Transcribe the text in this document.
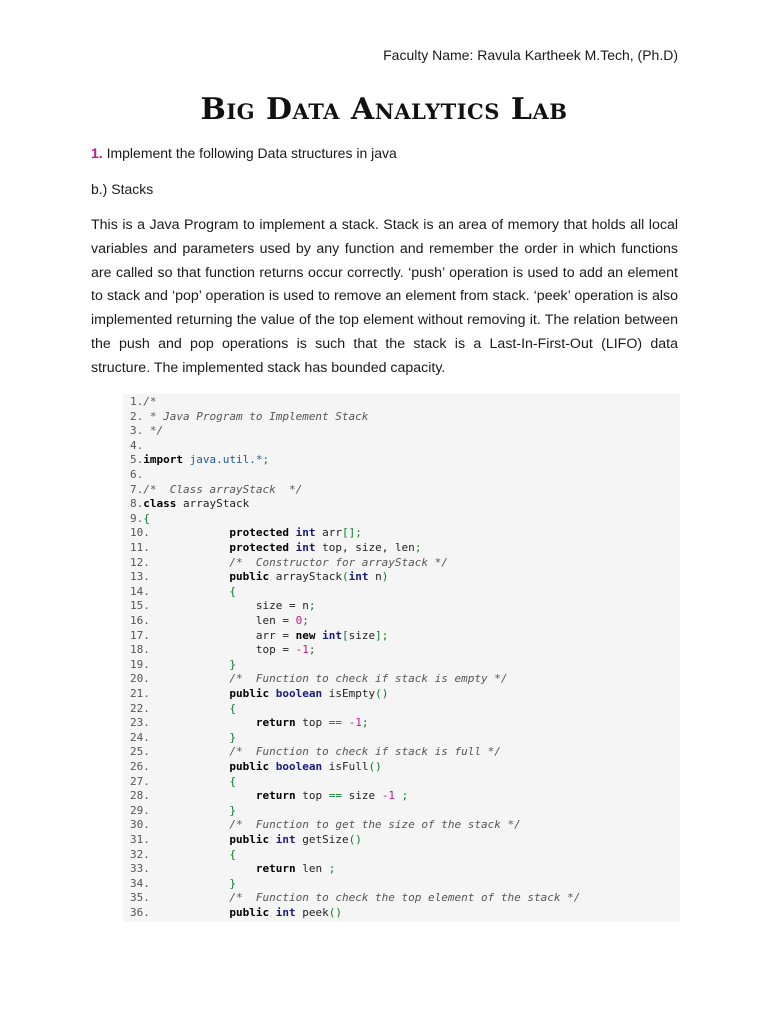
Faculty Name: Ravula Kartheek M.Tech, (Ph.D)
Big Data Analytics Lab
1. Implement the following Data structures in java
b.) Stacks
This is a Java Program to implement a stack. Stack is an area of memory that holds all local variables and parameters used by any function and remember the order in which functions are called so that function returns occur correctly. ‘push’ operation is used to add an element to stack and ‘pop’ operation is used to remove an element from stack. ‘peek’ operation is also implemented returning the value of the top element without removing it. The relation between the push and pop operations is such that the stack is a Last-In-First-Out (LIFO) data structure. The implemented stack has bounded capacity.
1./*
2. * Java Program to Implement Stack
3. */
4.
5.import java.util.*;
6.
7./*  Class arrayStack  */
8.class arrayStack
9.{
10.	protected int arr[];
11.	protected int top, size, len;
12.	/*  Constructor for arrayStack */
13.	public arrayStack(int n)
14.	{
15.                size = n;
16.                len = 0;
17.                arr = new int[size];
18.                top = -1;
19.	}
20.	/*  Function to check if stack is empty */
21.	public boolean isEmpty()
22.	{
23.	return top == -1;
24.	}
25.	/*  Function to check if stack is full */
26.	public boolean isFull()
27.	{
28.	return top == size -1 ;
29.	}
30.	/*  Function to get the size of the stack */
31.	public int getSize()
32.	{
33.	return len ;
34.	}
35.	/*  Function to check the top element of the stack */
36.	public int peek()
